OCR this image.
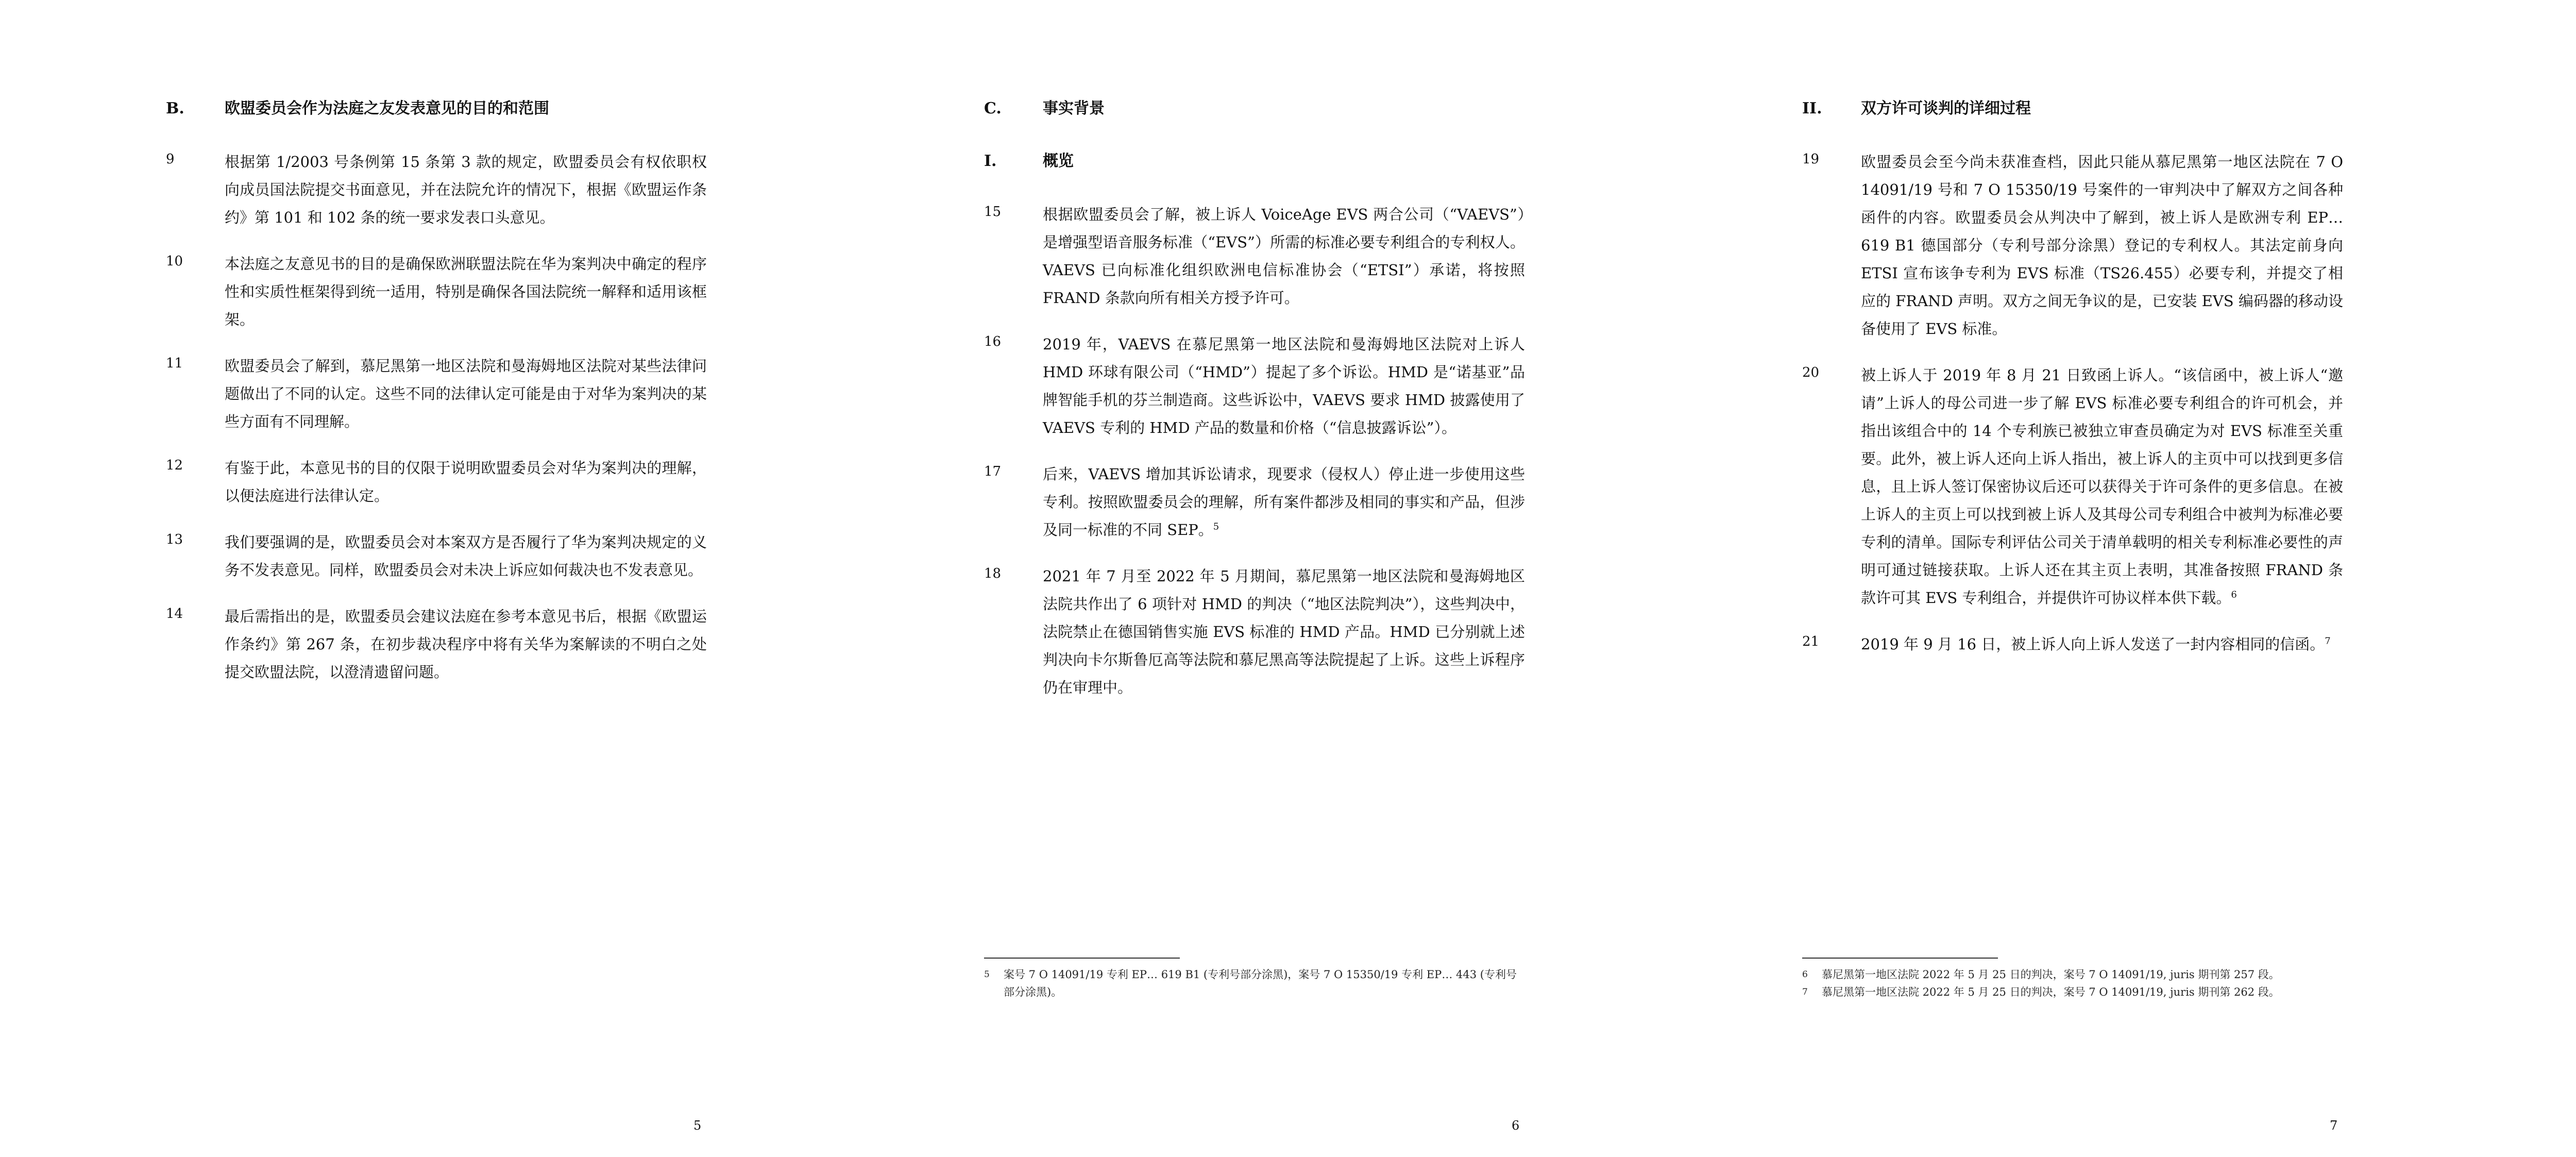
B.	欧盟委员会作为法庭之友发表意见的目的和范围
9	根据第 1/2003 号条例第 15 条第 3 款的规定，欧盟委员会有权依职权向成员国法院提交书面意见，并在法院允许的情况下，根据《欧盟运作条约》第 101 和 102 条的统一要求发表口头意见。
10	本法庭之友意见书的目的是确保欧洲联盟法院在华为案判决中确定的程序性和实质性框架得到统一适用，特别是确保各国法院统一解释和适用该框架。
11	欧盟委员会了解到，慕尼黑第一地区法院和曼海姆地区法院对某些法律问题做出了不同的认定。这些不同的法律认定可能是由于对华为案判决的某些方面有不同理解。
12	有鉴于此，本意见书的目的仅限于说明欧盟委员会对华为案判决的理解，以便法庭进行法律认定。
13	我们要强调的是，欧盟委员会对本案双方是否履行了华为案判决规定的义务不发表意见。同样，欧盟委员会对未决上诉应如何裁决也不发表意见。
14	最后需指出的是，欧盟委员会建议法庭在参考本意见书后，根据《欧盟运作条约》第 267 条，在初步裁决程序中将有关华为案解读的不明白之处提交欧盟法院，以澄清遗留问题。
5
C.	事实背景
I.	概览
15	根据欧盟委员会了解，被上诉人 VoiceAge EVS 两合公司（“VAEVS”）是增强型语音服务标准（“EVS”）所需的标准必要专利组合的专利权人。VAEVS 已向标准化组织欧洲电信标准协会（“ETSI”）承诺，将按照 FRAND 条款向所有相关方授予许可。
16	2019 年，VAEVS 在慕尼黑第一地区法院和曼海姆地区法院对上诉人 HMD 环球有限公司（“HMD”）提起了多个诉讼。HMD 是“诺基亚”品牌智能手机的芬兰制造商。这些诉讼中，VAEVS 要求 HMD 披露使用了 VAEVS 专利的 HMD 产品的数量和价格（“信息披露诉讼”）。
17	后来，VAEVS 增加其诉讼请求，现要求（侵权人）停止进一步使用这些专利。按照欧盟委员会的理解，所有案件都涉及相同的事实和产品，但涉及同一标准的不同 SEP。$^5$
18	2021 年 7 月至 2022 年 5 月期间，慕尼黑第一地区法院和曼海姆地区法院共作出了 6 项针对 HMD 的判决（“地区法院判决”），这些判决中，法院禁止在德国销售实施 EVS 标准的 HMD 产品。HMD 已分别就上述判决向卡尔斯鲁厄高等法院和慕尼黑高等法院提起了上诉。这些上诉程序仍在审理中。
5	案号 7 O 14091/19 专利 EP… 619 B1 (专利号部分涂黑)，案号 7 O 15350/19 专利 EP… 443 (专利号部分涂黑)。
6
II.	双方许可谈判的详细过程
19	欧盟委员会至今尚未获准查档，因此只能从慕尼黑第一地区法院在 7 O 14091/19 号和 7 O 15350/19 号案件的一审判决中了解双方之间各种函件的内容。欧盟委员会从判决中了解到，被上诉人是欧洲专利 EP… 619 B1 德国部分（专利号部分涂黑）登记的专利权人。其法定前身向 ETSI 宣布该争专利为 EVS 标准（TS26.455）必要专利，并提交了相应的 FRAND 声明。双方之间无争议的是，已安装 EVS 编码器的移动设备使用了 EVS 标准。
20	被上诉人于 2019 年 8 月 21 日致函上诉人。“该信函中，被上诉人“邀请”上诉人的母公司进一步了解 EVS 标准必要专利组合的许可机会，并指出该组合中的 14 个专利族已被独立审查员确定为对 EVS 标准至关重要。此外，被上诉人还向上诉人指出，被上诉人的主页中可以找到更多信息，且上诉人签订保密协议后还可以获得关于许可条件的更多信息。在被上诉人的主页上可以找到被上诉人及其母公司专利组合中被判为标准必要专利的清单。国际专利评估公司关于清单载明的相关专利标准必要性的声明可通过链接获取。上诉人还在其主页上表明，其准备按照 FRAND 条款许可其 EVS 专利组合，并提供许可协议样本供下载。$^6$
21	2019 年 9 月 16 日，被上诉人向上诉人发送了一封内容相同的信函。$^7$
6	慕尼黑第一地区法院 2022 年 5 月 25 日的判决，案号 7 O 14091/19, juris 期刊第 257 段。
7	慕尼黑第一地区法院 2022 年 5 月 25 日的判决，案号 7 O 14091/19, juris 期刊第 262 段。
7
